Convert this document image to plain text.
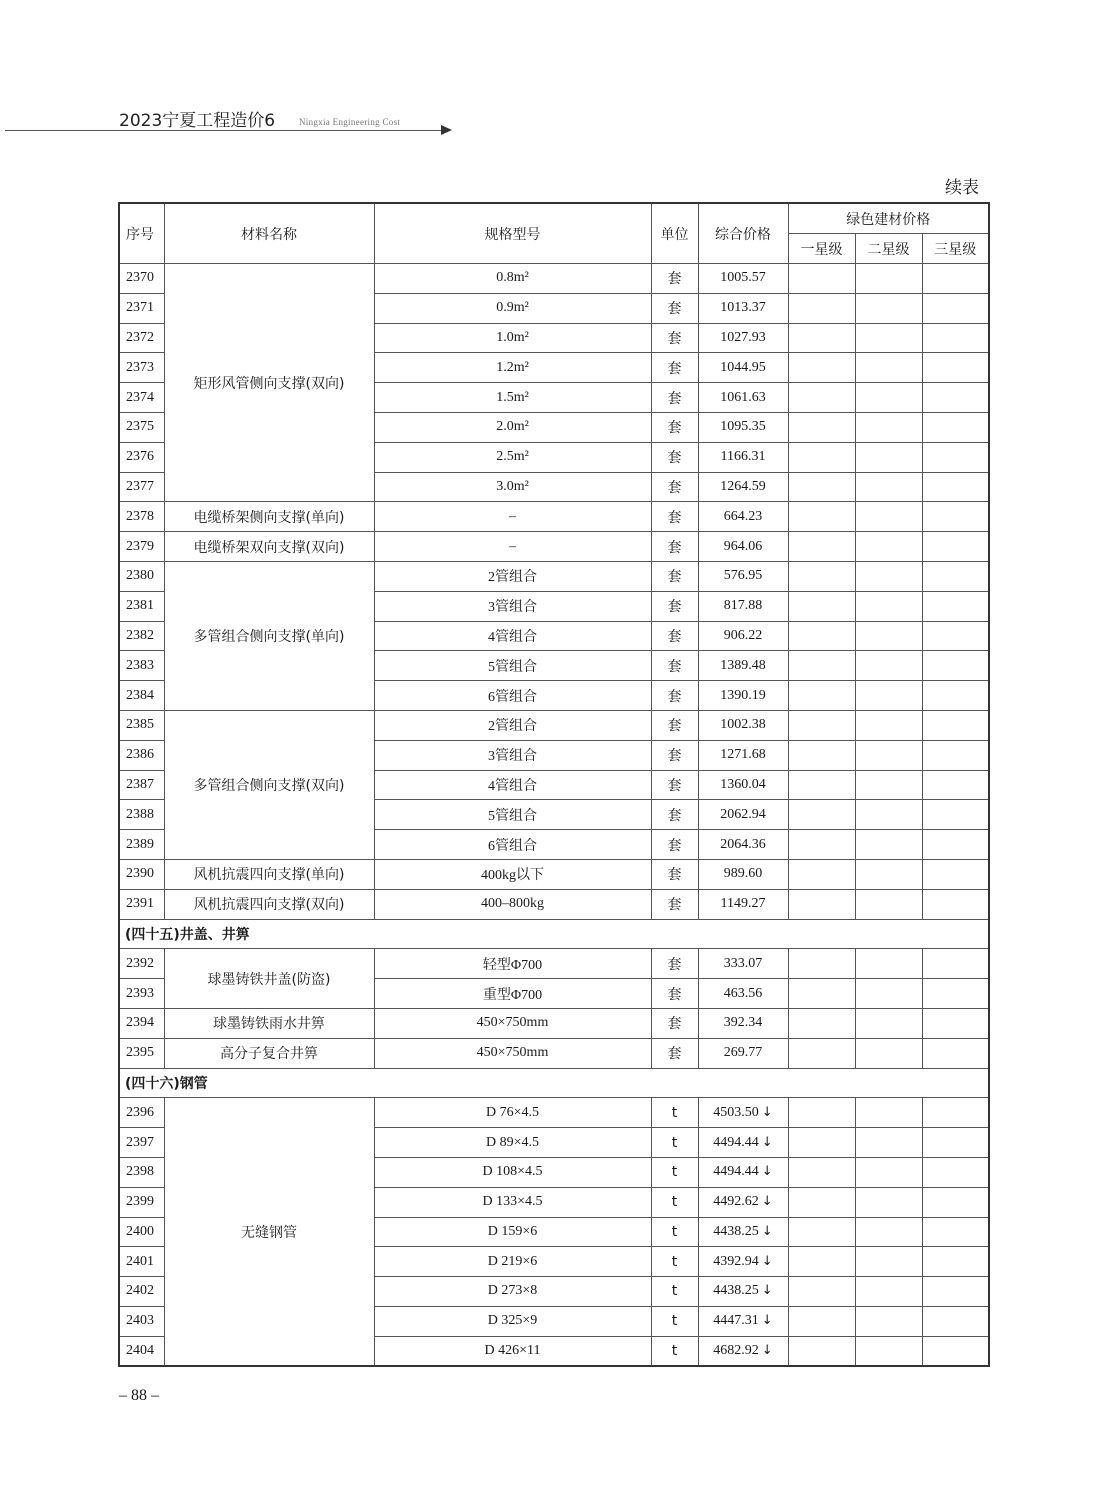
2023宁夏工程造价6	Ningxia Engineering Cost
续表
序号	材料名称	规格型号	单位	综合价格	绿色建材价格		
					一星级	二星级	三星级
2370	矩形风管侧向支撑(双向)	0.8m²	套	1005.57			
2371		0.9m²	套	1013.37			
2372		1.0m²	套	1027.93			
2373		1.2m²	套	1044.95			
2374		1.5m²	套	1061.63			
2375		2.0m²	套	1095.35			
2376		2.5m²	套	1166.31			
2377		3.0m²	套	1264.59			
2378	电缆桥架侧向支撑(单向)	–	套	664.23			
2379	电缆桥架双向支撑(双向)	–	套	964.06			
2380	多管组合侧向支撑(单向)	2管组合	套	576.95			
2381		3管组合	套	817.88			
2382		4管组合	套	906.22			
2383		5管组合	套	1389.48			
2384		6管组合	套	1390.19			
2385	多管组合侧向支撑(双向)	2管组合	套	1002.38			
2386		3管组合	套	1271.68			
2387		4管组合	套	1360.04			
2388		5管组合	套	2062.94			
2389		6管组合	套	2064.36			
2390	风机抗震四向支撑(单向)	400kg以下	套	989.60			
2391	风机抗震四向支撑(双向)	400–800kg	套	1149.27			
(四十五)井盖、井箅							
2392	球墨铸铁井盖(防盗)	轻型Φ700	套	333.07			
2393		重型Φ700	套	463.56			
2394	球墨铸铁雨水井箅	450×750mm	套	392.34			
2395	高分子复合井箅	450×750mm	套	269.77			
(四十六)钢管							
2396	无缝钢管	D 76×4.5	t	4503.50 ↓			
2397		D 89×4.5	t	4494.44 ↓			
2398		D 108×4.5	t	4494.44 ↓			
2399		D 133×4.5	t	4492.62 ↓			
2400		D 159×6	t	4438.25 ↓			
2401		D 219×6	t	4392.94 ↓			
2402		D 273×8	t	4438.25 ↓			
2403		D 325×9	t	4447.31 ↓			
2404		D 426×11	t	4682.92 ↓			
– 88 –
